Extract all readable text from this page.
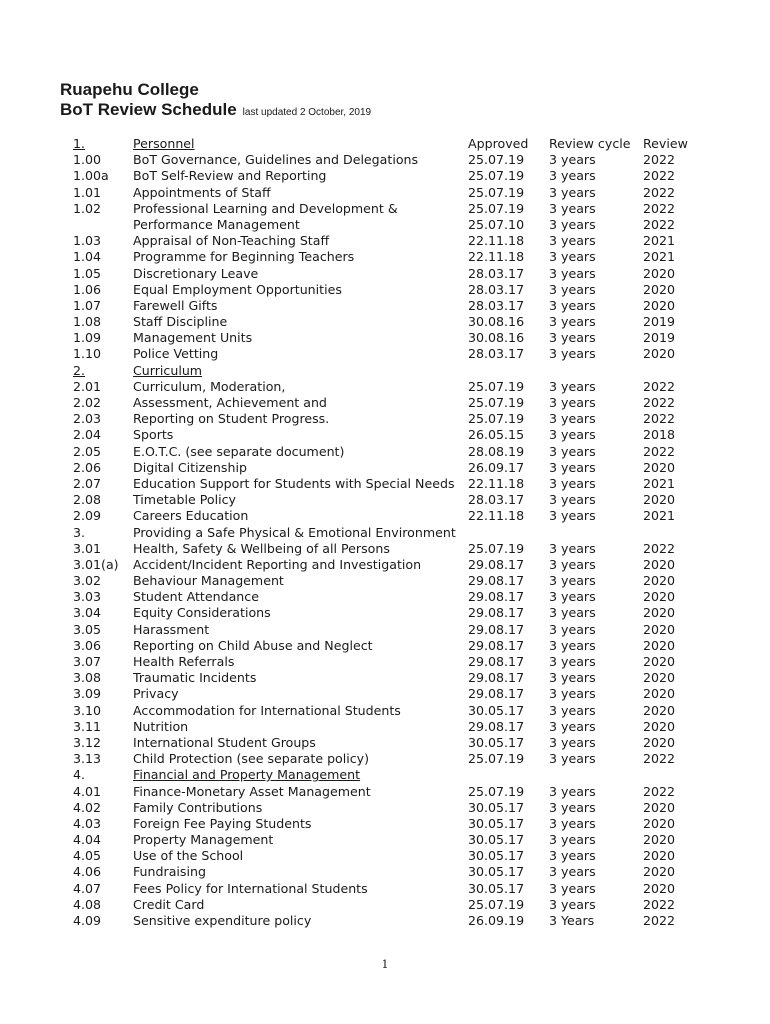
Ruapehu College
BoT Review Schedule last updated 2 October, 2019
1.	Personnel	Approved Review cycle Review
1.00	BoT Governance, Guidelines and Delegations	25.07.19 3 years	2022
1.00a BoT Self-Review and Reporting	25.07.19 3 years	2022
1.01	Appointments of Staff	25.07.19 3 years	2022
1.02	Professional Learning and Development &	25.07.19 3 years	2022
Performance Management	25.07.10 3 years	2022
1.03	Appraisal of Non-Teaching Staff	22.11.18 3 years	2021
1.04	Programme for Beginning Teachers	22.11.18 3 years	2021
1.05	Discretionary Leave	28.03.17 3 years	2020
1.06	Equal Employment Opportunities	28.03.17 3 years	2020
1.07	Farewell Gifts	28.03.17 3 years	2020
1.08	Staff Discipline	30.08.16 3 years	2019
1.09	Management Units	30.08.16 3 years	2019
1.10	Police Vetting	28.03.17 3 years	2020
2.	Curriculum
2.01	Curriculum, Moderation,	25.07.19 3 years	2022
2.02	Assessment, Achievement and	25.07.19 3 years	2022
2.03	Reporting on Student Progress.	25.07.19 3 years	2022
2.04	Sports	26.05.15 3 years	2018
2.05	E.O.T.C. (see separate document)	28.08.19 3 years	2022
2.06	Digital Citizenship	26.09.17 3 years	2020
2.07	Education Support for Students with Special Needs 22.11.18 3 years	2021
2.08	Timetable Policy	28.03.17 3 years	2020
2.09	Careers Education	22.11.18 3 years	2021
3.	Providing a Safe Physical & Emotional Environment
3.01	Health, Safety & Wellbeing of all Persons	25.07.19 3 years	2022
3.01(a) Accident/Incident Reporting and Investigation	29.08.17 3 years	2020
3.02	Behaviour Management	29.08.17 3 years	2020
3.03	Student Attendance	29.08.17 3 years	2020
3.04	Equity Considerations	29.08.17 3 years	2020
3.05	Harassment	29.08.17 3 years	2020
3.06	Reporting on Child Abuse and Neglect	29.08.17 3 years	2020
3.07	Health Referrals	29.08.17 3 years	2020
3.08	Traumatic Incidents	29.08.17 3 years	2020
3.09	Privacy	29.08.17 3 years	2020
3.10	Accommodation for International Students	30.05.17 3 years	2020
3.11	Nutrition	29.08.17 3 years	2020
3.12	International Student Groups	30.05.17 3 years	2020
3.13	Child Protection (see separate policy)	25.07.19 3 years	2022
4.	Financial and Property Management
4.01	Finance-Monetary Asset Management	25.07.19 3 years	2022
4.02	Family Contributions	30.05.17 3 years	2020
4.03	Foreign Fee Paying Students	30.05.17 3 years	2020
4.04	Property Management	30.05.17 3 years	2020
4.05	Use of the School	30.05.17 3 years	2020
4.06	Fundraising	30.05.17 3 years	2020
4.07	Fees Policy for International Students	30.05.17 3 years	2020
4.08	Credit Card	25.07.19 3 years	2022
4.09	Sensitive expenditure policy	26.09.19 3 Years	2022
1
